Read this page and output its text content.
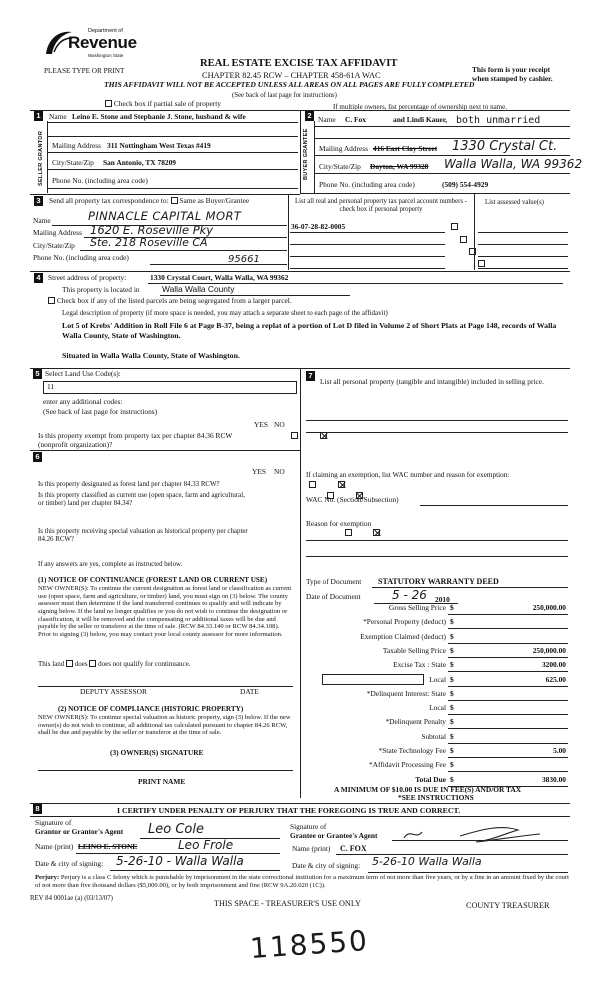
Department of
Revenue
Washington State
PLEASE TYPE OR PRINT
REAL ESTATE EXCISE TAX AFFIDAVIT
CHAPTER 82.45 RCW – CHAPTER 458-61A WAC
THIS AFFIDAVIT WILL NOT BE ACCEPTED UNLESS ALL AREAS ON ALL PAGES ARE FULLY COMPLETED
(See back of last page for instructions)
This form is your receipt
when stamped by cashier.
Check box if partial sale of property	If multiple owners, list percentage of ownership next to name.
1
SELLER GRANTOR
Name Leino E. Stone and Stephanie J. Stone, husband & wife
Mailing Address 311 Nottingham West Texas #419
City/State/Zip San Antonio, TX 78209
Phone No. (including area code)
2
BUYER GRANTEE
Name C. Fox	and Lindi Kauer, both unmarried
Mailing Address 416 East Clay Street 1330 Crystal Ct.
City/State/Zip Dayton, WA 99328 Walla Walla, WA 99362
Phone No. (including area code)	(509) 554-4929
3	Send all property tax correspondence to: Same as Buyer/Grantee
Name	PINNACLE CAPITAL MORT
Mailing Address 1620 E. Roseville Pky
City/State/Zip Ste. 218 Roseville CA
Phone No. (including area code)	95661
List all real and personal property tax parcel account numbers - check box if personal property
List assessed value(s)
36-07-28-82-0005

4	Street address of property:	1330 Crystal Court, Walla Walla, WA 99362
This property is located in	Walla Walla County
Check box if any of the listed parcels are being segregated from a larger parcel.
Legal description of property (if more space is needed, you may attach a separate sheet to each page of the affidavit)
Lot 5 of Krebs' Addition in Roll File 6 at Page B-37, being a replat of a portion of Lot D filed in Volume 2 of Short Plats at Page 148, records of Walla Walla County, State of Washington.
Situated in Walla Walla County, State of Washington.
5 Select Land Use Code(s):
11
enter any additional codes:
(See back of last page for instructions)
YES NO
Is this property exempt from property tax per chapter 84.36 RCW (nonprofit organization)?

6
YES NO
Is this property designated as forest land per chapter 84.33 RCW?

Is this property classified as current use (open space, farm and agricultural, or timber) land per chapter 84.34?

Is this property receiving special valuation as historical property per chapter 84.26 RCW?

If any answers are yes, complete as instructed below.
(1) NOTICE OF CONTINUANCE (FOREST LAND OR CURRENT USE)
NEW OWNER(S): To continue the current designation as forest land or classification as current use (open space, farm and agriculture, or timber) land, you must sign on (3) below. The county assessor must then determine if the land transferred continues to qualify and will indicate by signing below. If the land no longer qualifies or you do not wish to continue the designation or classification, it will be removed and the compensating or additional taxes will be due and payable by the seller or transferor at the time of sale. (RCW 84.33.140 or RCW 84.34.108). Prior to signing (3) below, you may contact your local county assessor for more information.
This land does does not qualify for continuance.
DEPUTY ASSESSOR	DATE
(2) NOTICE OF COMPLIANCE (HISTORIC PROPERTY)
NEW OWNER(S): To continue special valuation as historic property, sign (3) below. If the new owner(s) do not wish to continue, all additional tax calculated pursuant to chapter 84.26 RCW, shall be due and payable by the seller or transferor at the time of sale.
(3) OWNER(S) SIGNATURE
PRINT NAME
7
List all personal property (tangible and intangible) included in selling price.
If claiming an exemption, list WAC number and reason for exemption:
WAC No. (Section/Subsection)
Reason for exemption
Type of Document STATUTORY WARRANTY DEED
Date of Document	5 - 26 2010
Gross Selling Price $	250,000.00
*Personal Property (deduct) $
Exemption Claimed (deduct) $
Taxable Selling Price $	250,000.00
Excise Tax : State $	3200.00
Local $	625.00
*Delinquent Interest: State $
Local $
*Delinquent Penalty $
Subtotal $
*State Technology Fee $	5.00
*Affidavit Processing Fee $
Total Due $	3830.00
A MINIMUM OF $10.00 IS DUE IN FEE(S) AND/OR TAX
*SEE INSTRUCTIONS
8	I CERTIFY UNDER PENALTY OF PERJURY THAT THE FOREGOING IS TRUE AND CORRECT.
Signature of
Grantor or Grantor's Agent Leo Cole
Name (print) LEINO E. STONE	Leo Frole
Date & city of signing: 5-26-10 - Walla Walla
Signature of
Grantee or Grantee's Agent
Name (print) C. FOX
Date & city of signing: 5-26-10 Walla Walla
Perjury: Perjury is a class C felony which is punishable by imprisonment in the state correctional institution for a maximum term of not more than five years, or by a fine in an amount fixed by the court of not more than five thousand dollars ($5,000.00), or by both imprisonment and fine (RCW 9A.20.020 (1C)).
REV 84 0001ae (a) (03/13/07)
THIS SPACE - TREASURER'S USE ONLY	COUNTY TREASURER
118550
